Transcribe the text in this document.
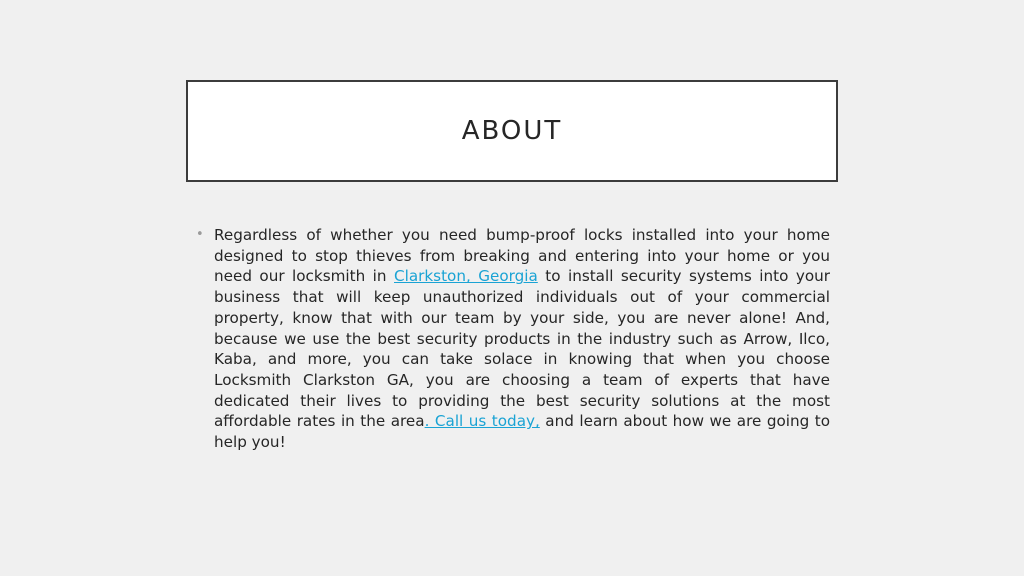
ABOUT
• Regardless of whether you need bump-proof locks installed into your home designed to stop thieves from breaking and entering into your home or you need our locksmith in Clarkston, Georgia to install security systems into your business that will keep unauthorized individuals out of your commercial property, know that with our team by your side, you are never alone! And, because we use the best security products in the industry such as Arrow, Ilco, Kaba, and more, you can take solace in knowing that when you choose Locksmith Clarkston GA, you are choosing a team of experts that have dedicated their lives to providing the best security solutions at the most affordable rates in the area. Call us today, and learn about how we are going to help you!
